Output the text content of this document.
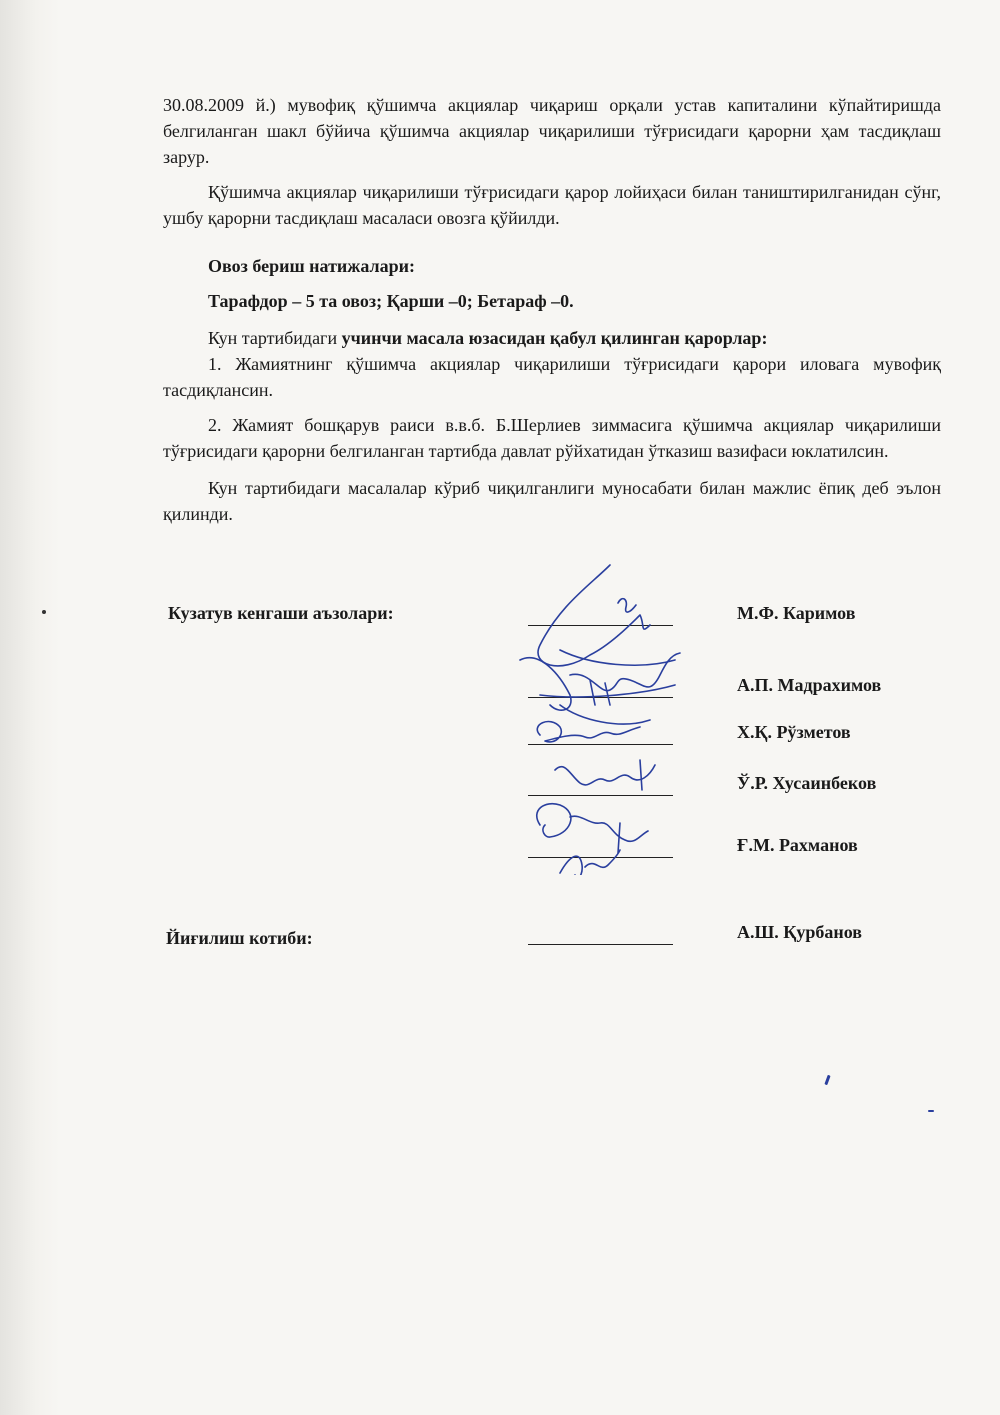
30.08.2009 й.) мувофиқ қўшимча акциялар чиқариш орқали устав капиталини кўпайтиришда белгиланган шакл бўйича қўшимча акциялар чиқарилиши тўғрисидаги қарорни ҳам тасдиқлаш зарур.

Қўшимча акциялар чиқарилиши тўғрисидаги қарор лойиҳаси билан таништирилганидан сўнг, ушбу қарорни тасдиқлаш масаласи овозга қўйилди.

Овоз бериш натижалари:

Тарафдор – 5 та овоз; Қарши –0; Бетараф –0.

Кун тартибидаги учинчи масала юзасидан қабул қилинган қарорлар:

1. Жамиятнинг қўшимча акциялар чиқарилиши тўғрисидаги қарори иловага мувофиқ тасдиқлансин.

2. Жамият бошқарув раиси в.в.б. Б.Шерлиев зиммасига қўшимча акциялар чиқарилиши тўғрисидаги қарорни белгиланган тартибда давлат рўйхатидан ўтказиш вазифаси юклатилсин.

Кун тартибидаги масалалар кўриб чиқилганлиги муносабати билан мажлис ёпиқ деб эълон қилинди.

Кузатув кенгаши аъзолари:	М.Ф. Каримов
А.П. Мадрахимов
Х.Қ. Рўзметов
Ў.Р. Хусаинбеков
Ғ.М. Рахманов
Йиғилиш котиби:	А.Ш. Қурбанов
